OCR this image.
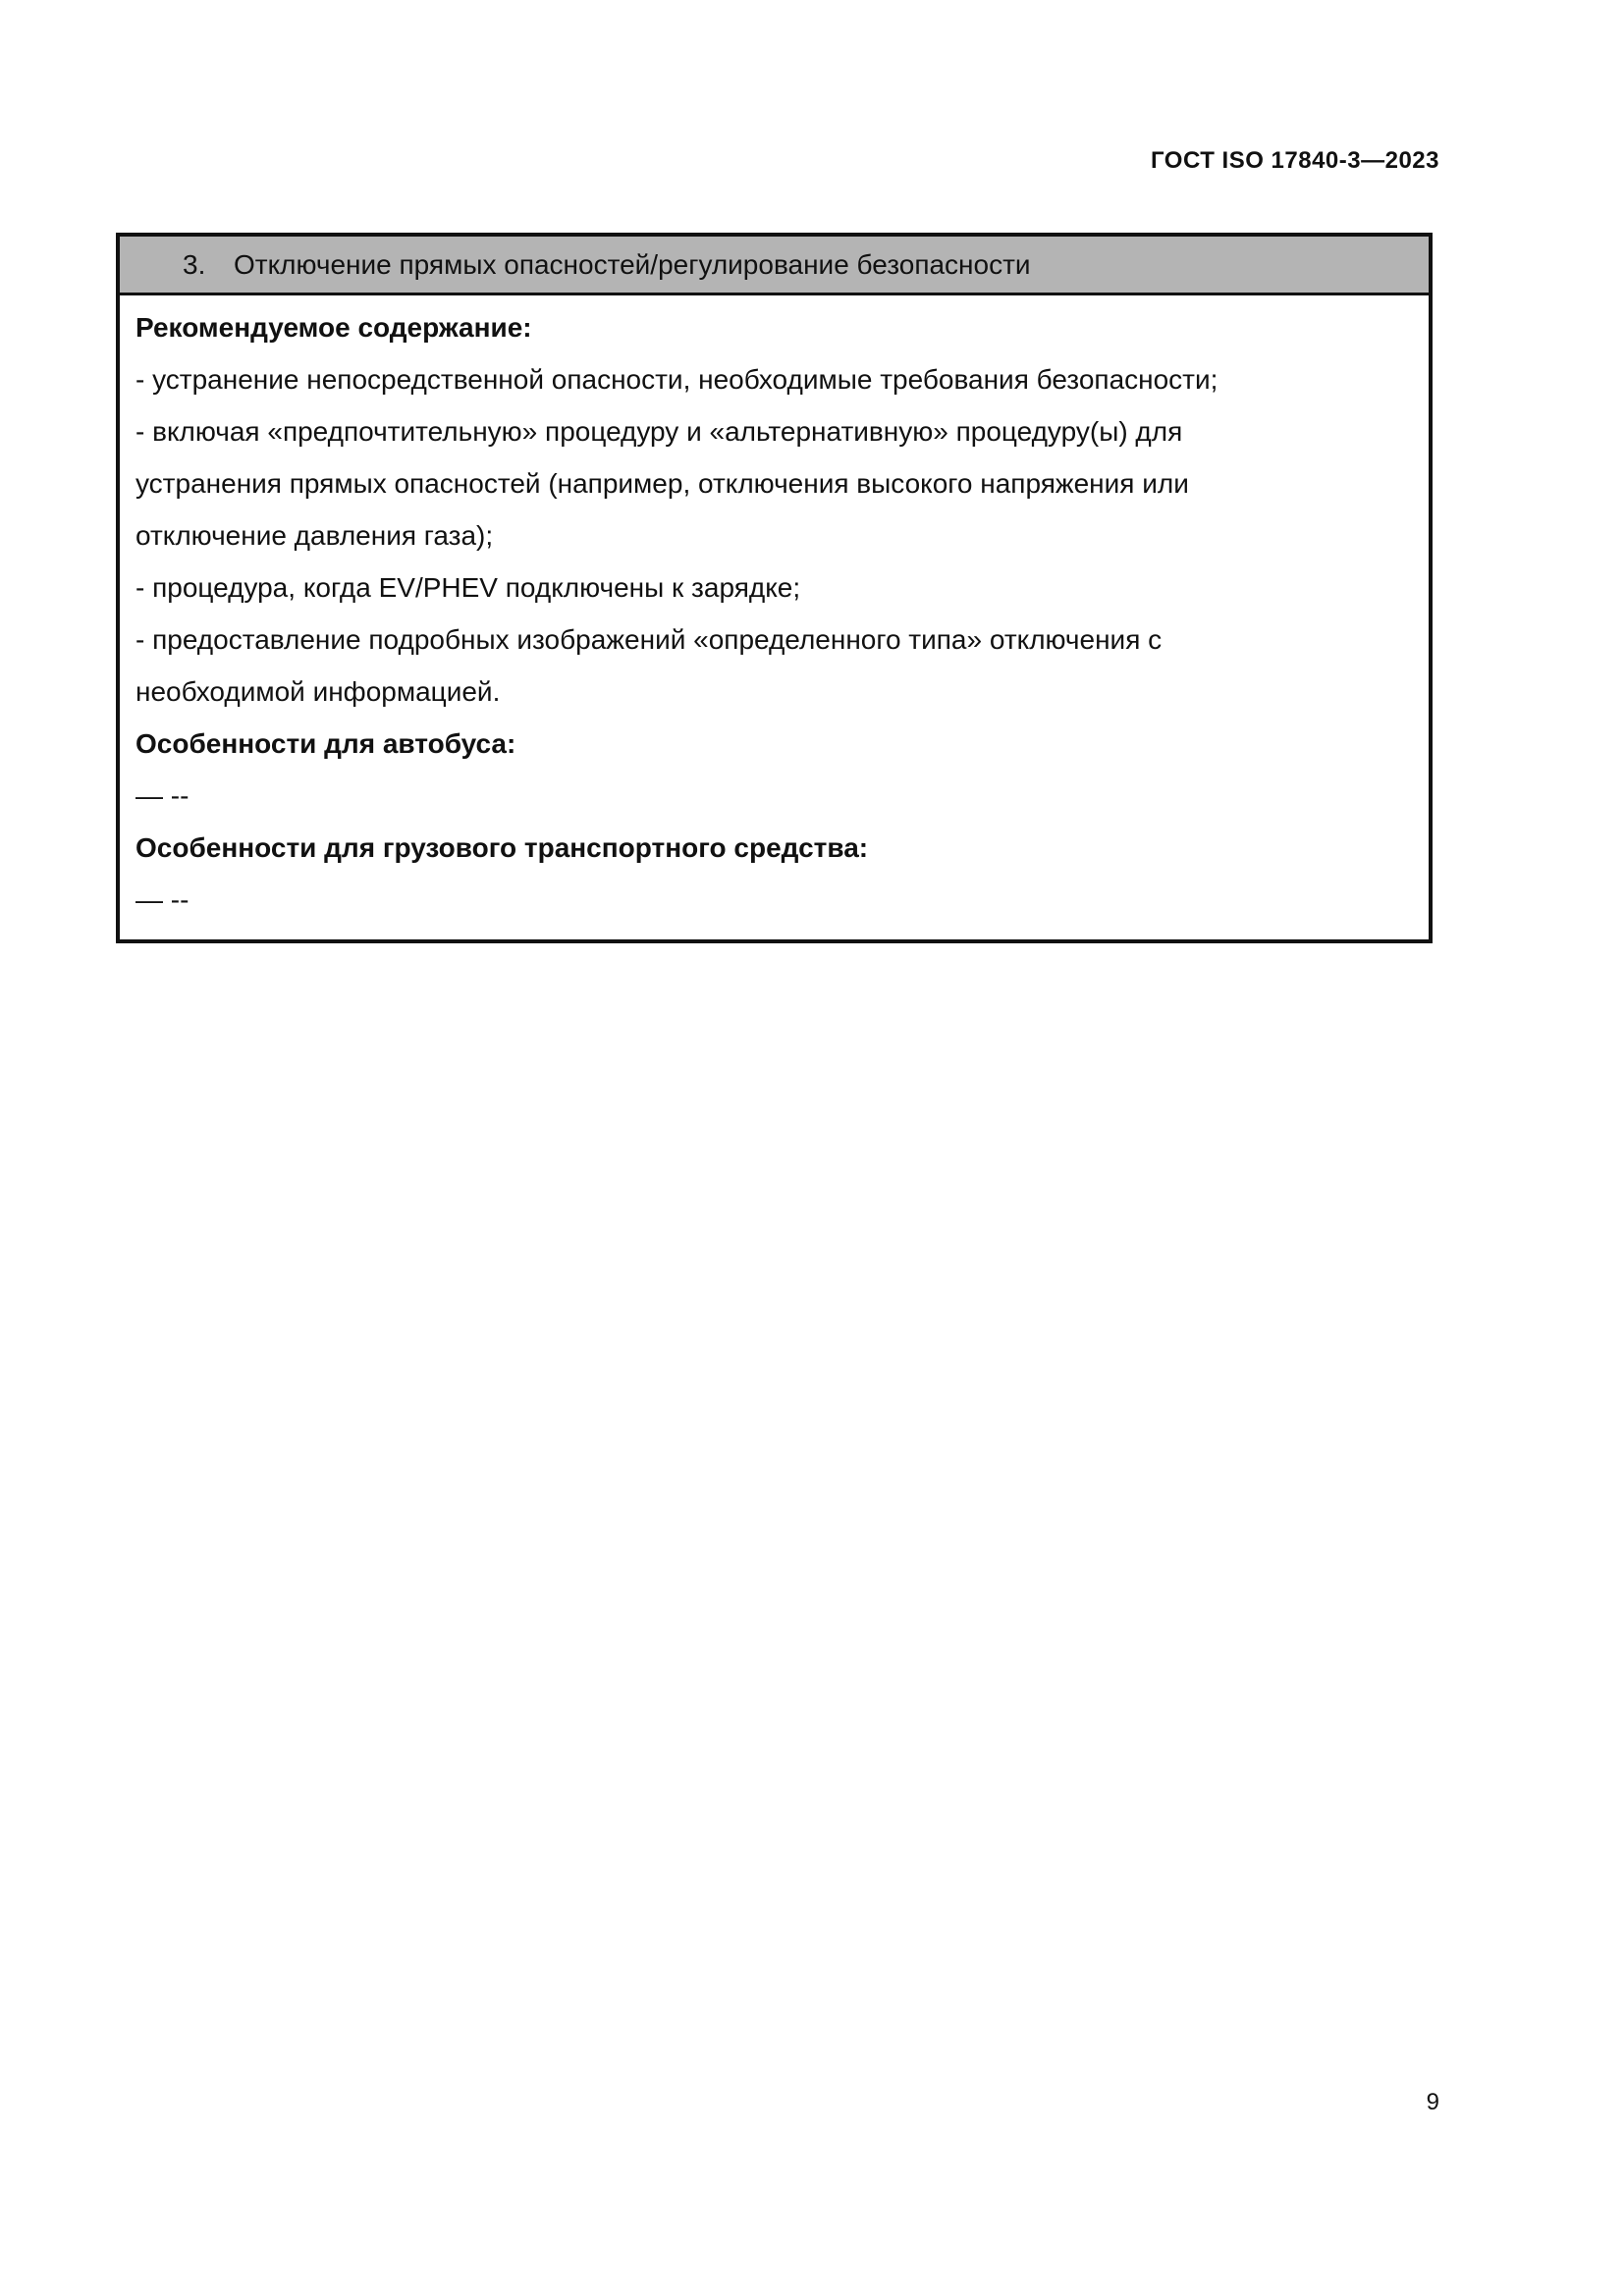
ГОСТ ISO 17840-3—2023
3.	Отключение прямых опасностей/регулирование безопасности
Рекомендуемое содержание:
- устранение непосредственной опасности, необходимые требования безопасности;
- включая «предпочтительную» процедуру и «альтернативную» процедуру(ы) для
устранения прямых опасностей (например, отключения высокого напряжения или
отключение давления газа);
- процедура, когда EV/PHEV подключены к зарядке;
- предоставление подробных изображений «определенного типа» отключения с
необходимой информацией.
Особенности для автобуса:
— --
Особенности для грузового транспортного средства:
— --
9
